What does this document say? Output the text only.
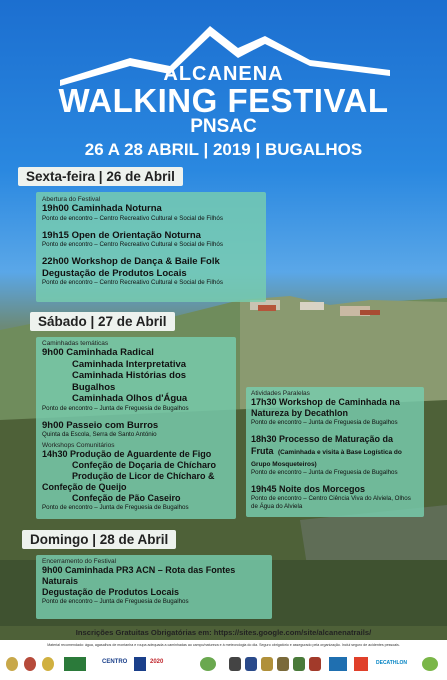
ALCANENA
WALKING FESTIVAL
PNSAC
26 A 28 ABRIL | 2019 | BUGALHOS
Sexta-feira | 26 de Abril
Abertura do Festival
19h00 Caminhada Noturna
Ponto de encontro – Centro Recreativo Cultural e Social de Filhós
19h15 Open de Orientação Noturna
Ponto de encontro – Centro Recreativo Cultural e Social de Filhós
22h00 Workshop de Dança & Baile Folk
Degustação de Produtos Locais
Ponto de encontro – Centro Recreativo Cultural e Social de Filhós
Sábado | 27 de Abril
Caminhadas temáticas
9h00 Caminhada Radical
Caminhada Interpretativa
Caminhada Histórias dos Bugalhos
Caminhada Olhos d'Água
Ponto de encontro – Junta de Freguesia de Bugalhos
9h00 Passeio com Burros
Quinta da Escola, Serra de Santo António
Workshops Comunitários
14h30 Produção de Aguardente de Figo
Confeção de Doçaria de Chícharo
Produção de Licor de Chícharo &
Confeção de Queijo
Confeção de Pão Caseiro
Ponto de encontro – Junta de Freguesia de Bugalhos
Atividades Paralelas
17h30 Workshop de Caminhada na
Natureza by Decathlon
Ponto de encontro – Junta de Freguesia de Bugalhos
18h30 Processo de Maturação da
Fruta (Caminhada e visita à Base Logística do Grupo Mosqueteiros)
Ponto de encontro – Junta de Freguesia de Bugalhos
19h45 Noite dos Morcegos
Ponto de encontro – Centro Ciência Viva do Alviela, Olhos de Água do Alviela
Domingo | 28 de Abril
Encerramento do Festival
9h00 Caminhada PR3 ACN – Rota das Fontes
Naturais
Degustação de Produtos Locais
Ponto de encontro – Junta de Freguesia de Bugalhos
Inscrições Gratuitas Obrigatórias em: https://sites.google.com/site/alcanenatrails/
Material recomendado: água, agasalhos de montanha e roupa adequada a caminhadas ao campo/natureza e à meteorologia do dia. Seguro obrigatório e assegurado pela organização. Inclui seguro de acidentes pessoais.
CENTRO	2020	DECATHLON
